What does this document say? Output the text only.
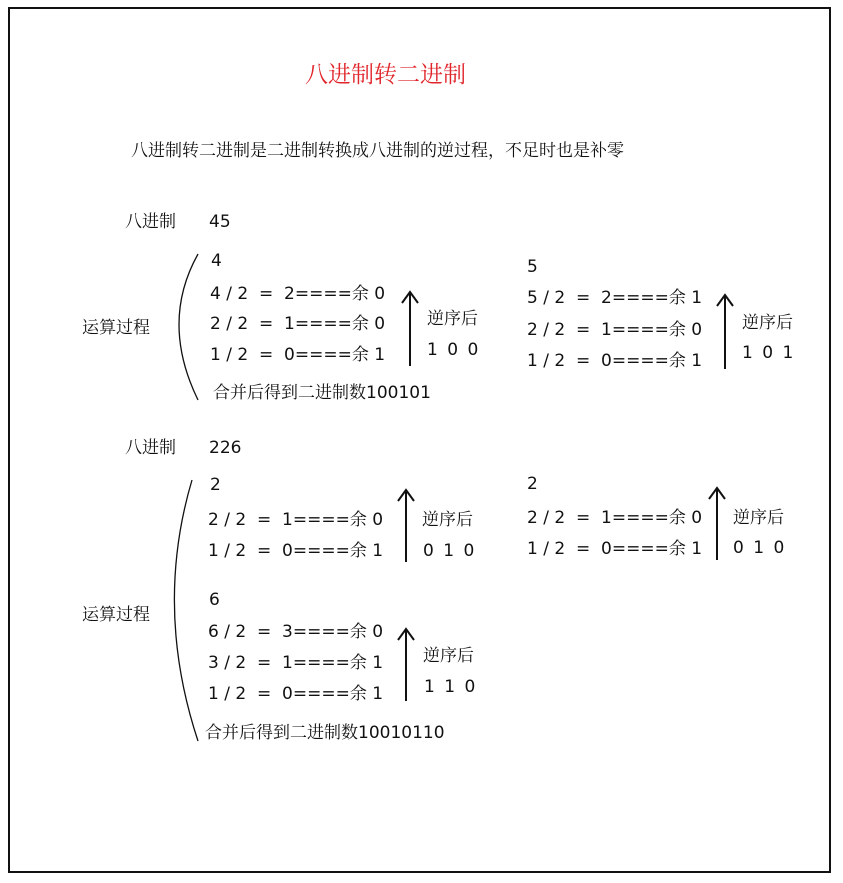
八进制转二进制
八进制转二进制是二进制转换成八进制的逆过程，不足时也是补零
八进制 45
运算过程
4
4 / 2  =  2====余 0
2 / 2  =  1====余 0
1 / 2  =  0====余 1
逆序后
1 0 0
5
5 / 2  =  2====余 1
2 / 2  =  1====余 0
1 / 2  =  0====余 1
逆序后
1 0 1
合并后得到二进制数100101
八进制 226
运算过程
2
2 / 2  =  1====余 0
1 / 2  =  0====余 1
逆序后
0 1 0
2
2 / 2  =  1====余 0
1 / 2  =  0====余 1
逆序后
0 1 0
6
6 / 2  =  3====余 0
3 / 2  =  1====余 1
1 / 2  =  0====余 1
逆序后
1 1 0
合并后得到二进制数10010110
